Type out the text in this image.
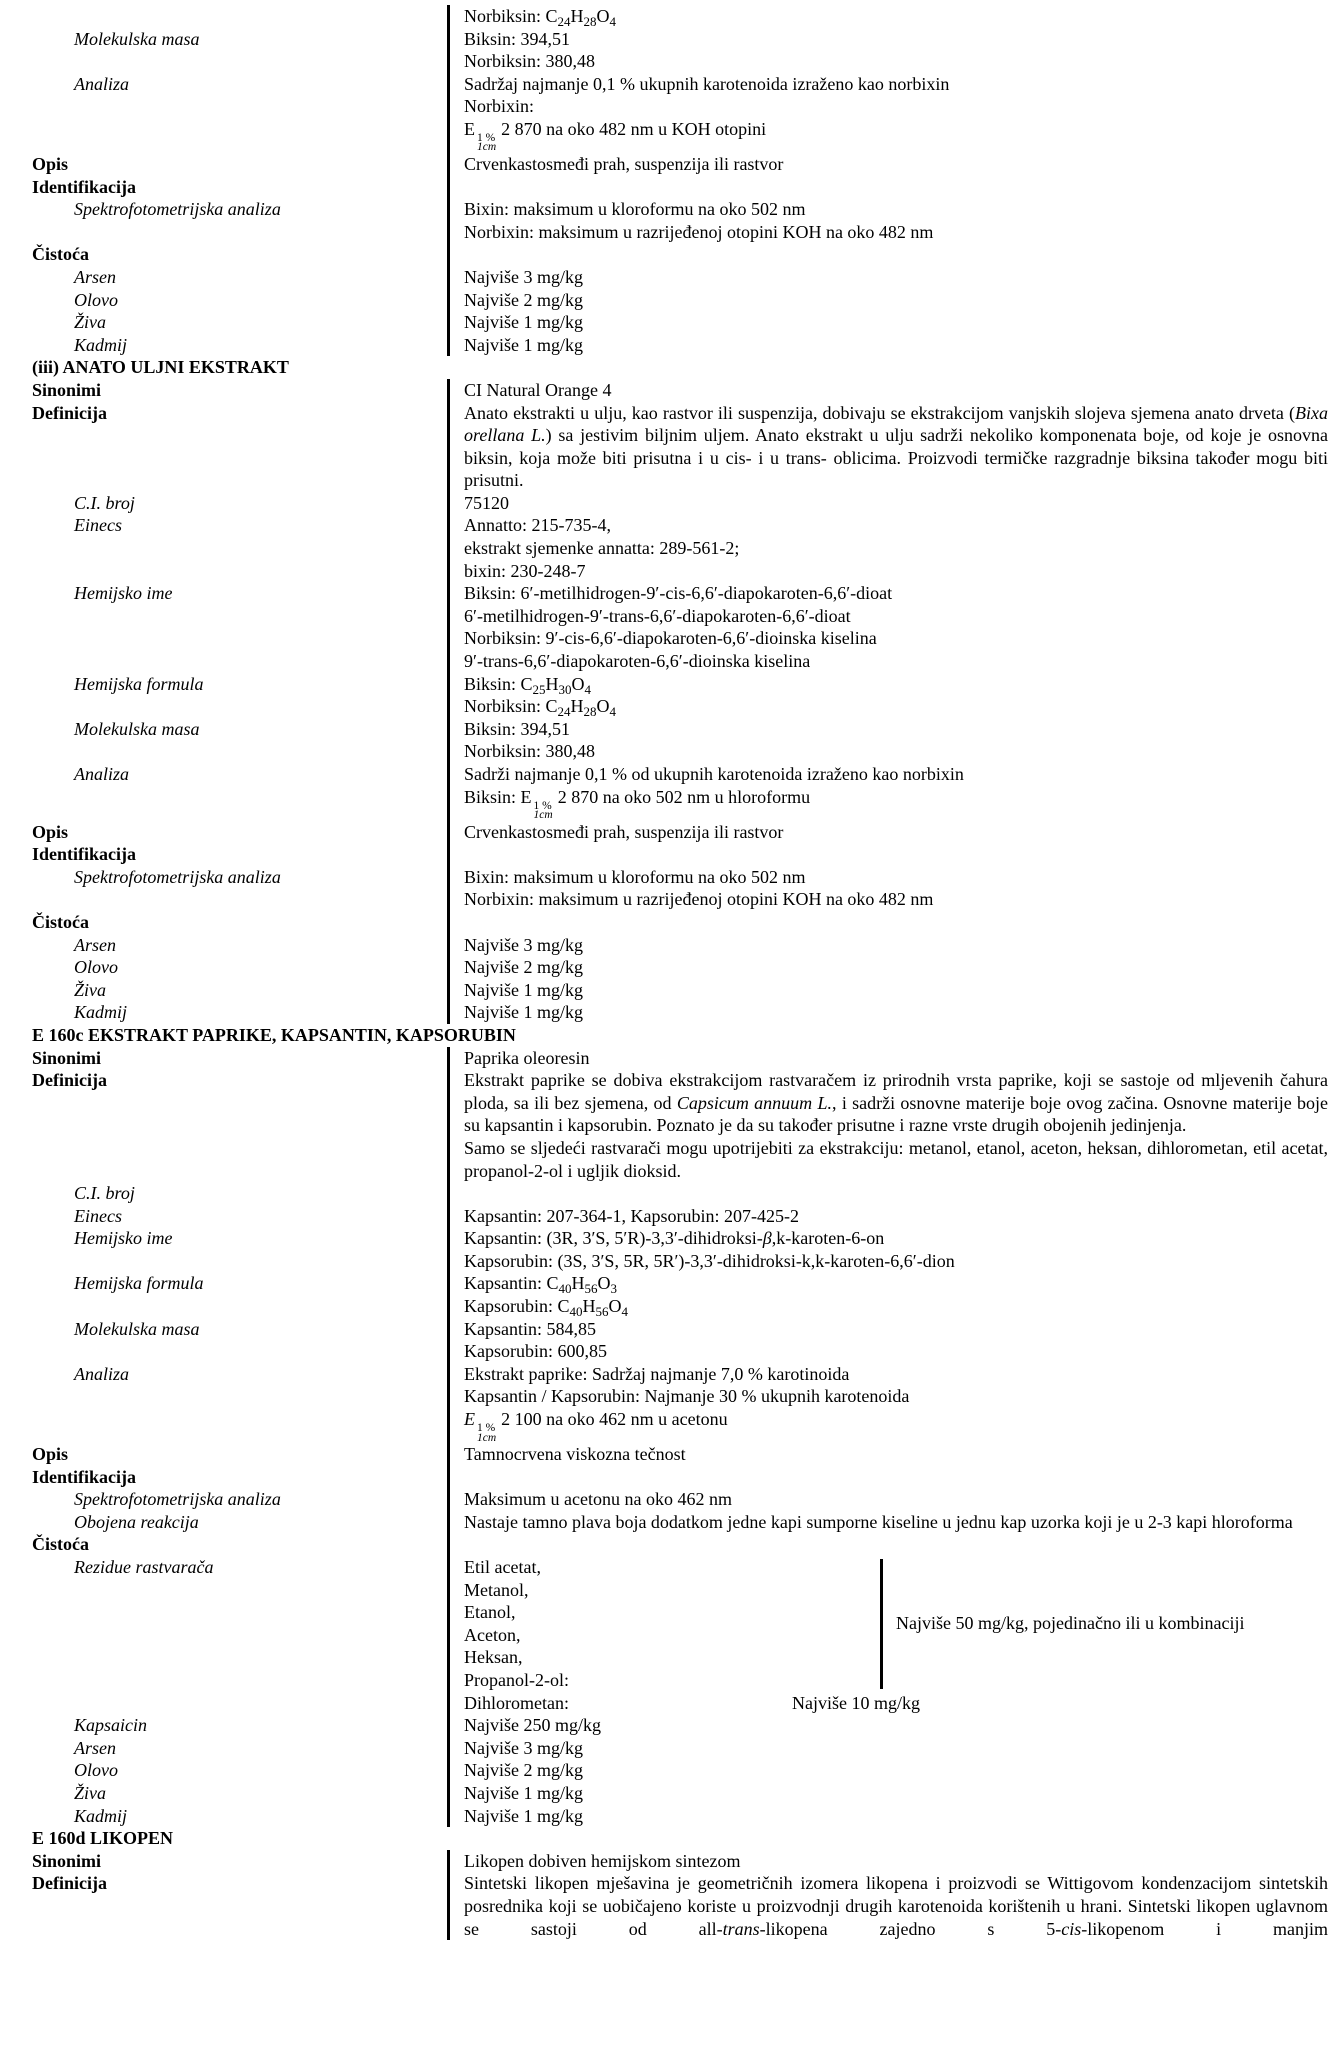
Norbiksin: $C_{24}H_{28}O_4$

Molekulska masa	Biksin: 394,51

Norbiksin: 380,48

Analiza	Sadržaj najmanje 0,1 % ukupnih karotenoida izraženo kao norbixin

Norbixin:

E 1 %
1cm
2 870 na oko 482 nm u KOH otopini

Opis	Crvenkastosmeđi prah, suspenzija ili rastvor

Identifikacija
Spektrofotometrijska analiza	Bixin: maksimum u kloroformu na oko 502 nm

Norbixin: maksimum u razrijeđenoj otopini KOH na oko 482 nm

Čistoća
Arsen	Najviše 3 mg/kg

Olovo	Najviše 2 mg/kg

Živa	Najviše 1 mg/kg

Kadmij	Najviše 1 mg/kg

(iii) ANATO ULJNI EKSTRAKT
Sinonimi	CI Natural Orange 4

Definicija	Anato ekstrakti u ulju, kao rastvor ili suspenzija, dobivaju se ekstrakcijom vanjskih slojeva sjemena anato drveta (Bixa orellana L.) sa jestivim biljnim uljem. Anato ekstrakt u ulju sadrži nekoliko komponenata boje, od koje je osnovna biksin, koja može biti prisutna i u cis- i u trans- oblicima. Proizvodi termičke razgradnje biksina također mogu biti prisutni.

C.I. broj	75120

Einecs	Annatto: 215-735-4,

ekstrakt sjemenke annatta: 289-561-2;

bixin: 230-248-7

Hemijsko ime	Biksin: 6′-metilhidrogen-9′-cis-6,6′-diapokaroten-6,6′-dioat

6′-metilhidrogen-9′-trans-6,6′-diapokaroten-6,6′-dioat

Norbiksin: 9′-cis-6,6′-diapokaroten-6,6′-dioinska kiselina

9′-trans-6,6′-diapokaroten-6,6′-dioinska kiselina

Hemijska formula	Biksin: $C_{25}H_{30}O_4$

Norbiksin: $C_{24}H_{28}O_4$

Molekulska masa	Biksin: 394,51

Norbiksin: 380,48

Analiza	Sadrži najmanje 0,1 % od ukupnih karotenoida izraženo kao norbixin

Biksin: E 1 %
1cm
2 870 na oko 502 nm u hloroformu

Opis	Crvenkastosmeđi prah, suspenzija ili rastvor

Identifikacija
Spektrofotometrijska analiza	Bixin: maksimum u kloroformu na oko 502 nm

Norbixin: maksimum u razrijeđenoj otopini KOH na oko 482 nm

Čistoća
Arsen	Najviše 3 mg/kg

Olovo	Najviše 2 mg/kg

Živa	Najviše 1 mg/kg

Kadmij	Najviše 1 mg/kg

E 160c EKSTRAKT PAPRIKE, KAPSANTIN, KAPSORUBIN
Sinonimi	Paprika oleoresin

Definicija	Ekstrakt paprike se dobiva ekstrakcijom rastvaračem iz prirodnih vrsta paprike, koji se sastoje od mljevenih čahura ploda, sa ili bez sjemena, od Capsicum annuum L., i sadrži osnovne materije boje ovog začina. Osnovne materije boje su kapsantin i kapsorubin. Poznato je da su također prisutne i razne vrste drugih obojenih jedinjenja.

Samo se sljedeći rastvarači mogu upotrijebiti za ekstrakciju: metanol, etanol, aceton, heksan, dihlorometan, etil acetat, propanol-2-ol i ugljik dioksid.

C.I. broj
Einecs	Kapsantin: 207-364-1, Kapsorubin: 207-425-2

Hemijsko ime	Kapsantin: (3R, 3′S, 5′R)-3,3′-dihidroksi-β,k-karoten-6-on

Kapsorubin: (3S, 3′S, 5R, 5R′)-3,3′-dihidroksi-k,k-karoten-6,6′-dion

Hemijska formula	Kapsantin: $C_{40}H_{56}O_3$

Kapsorubin: $C_{40}H_{56}O_4$

Molekulska masa	Kapsantin: 584,85

Kapsorubin: 600,85

Analiza	Ekstrakt paprike: Sadržaj najmanje 7,0 % karotinoida

Kapsantin / Kapsorubin: Najmanje 30 % ukupnih karotenoida

E 1 %
1cm
2 100 na oko 462 nm u acetonu

Opis	Tamnocrvena viskozna tečnost

Identifikacija
Spektrofotometrijska analiza	Maksimum u acetonu na oko 462 nm

Obojena reakcija	Nastaje tamno plava boja dodatkom jedne kapi sumporne kiseline u jednu kap uzorka koji je u 2-3 kapi hloroforma

Čistoća
Rezidue rastvarača	Etil acetat,
Metanol,
Etanol,
Aceton,
Heksan,
Propanol-2-ol:
Najviše 50 mg/kg, pojedinačno ili u kombinaciji
Dihlorometan:	Najviše 10 mg/kg
Kapsaicin	Najviše 250 mg/kg

Arsen	Najviše 3 mg/kg

Olovo	Najviše 2 mg/kg

Živa	Najviše 1 mg/kg

Kadmij	Najviše 1 mg/kg

E 160d LIKOPEN
Sinonimi	Likopen dobiven hemijskom sintezom

Definicija	Sintetski likopen mješavina je geometričnih izomera likopena i proizvodi se Wittigovom kondenzacijom sintetskih posrednika koji se uobičajeno koriste u proizvodnji drugih karotenoida korištenih u hrani. Sintetski likopen uglavnom se sastoji od all-trans-likopena zajedno s 5-cis-likopenom i manjim
